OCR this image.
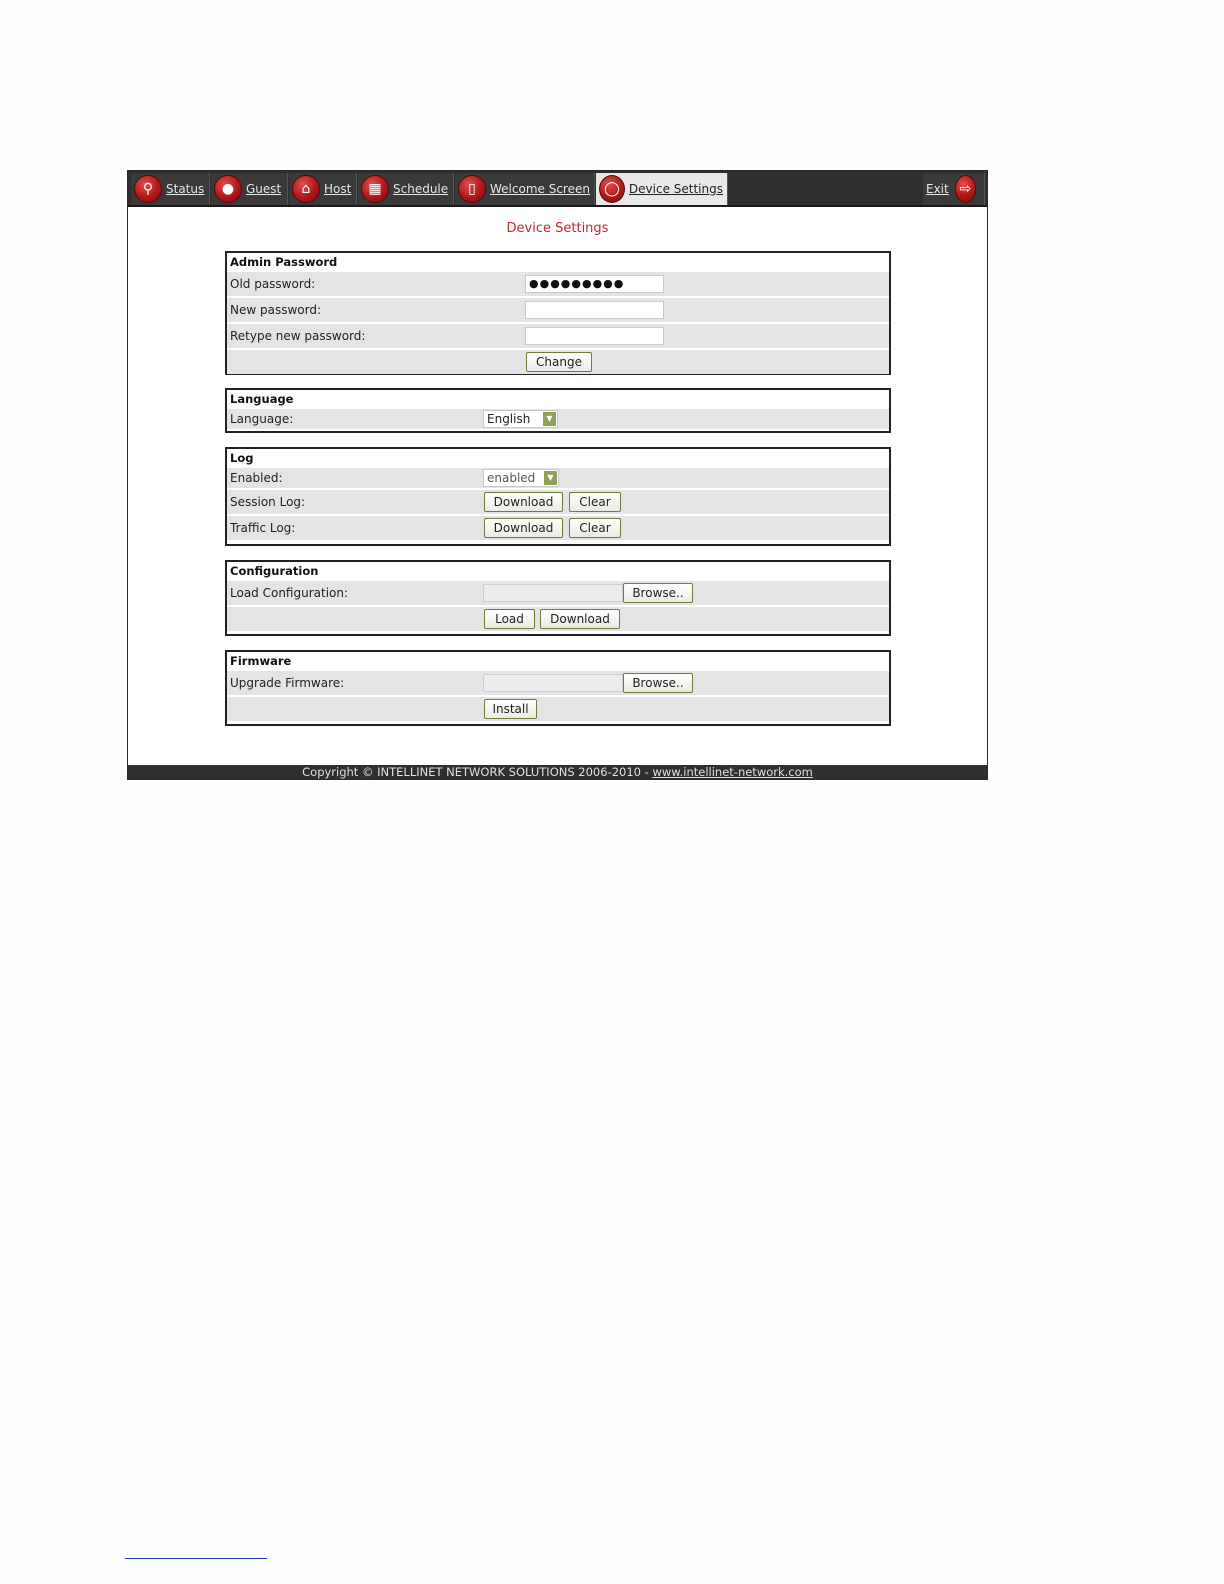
⚲	Status	● Guest	⌂	Host	▦ Schedule	▯	Welcome Screen	◯ Device Settings	Exit ⇨
Device Settings
Admin Password
Old password:	●●●●●●●●●
New password:
Retype new password:
Change
Language
Language:	English	▼
Log
Enabled:	enabled	▼
Session Log:	Download	Clear
Traffic Log:	Download	Clear
Configuration
Load Configuration:	Browse..
Load	Download
Firmware
Upgrade Firmware:	Browse..
Install
Copyright © INTELLINET NETWORK SOLUTIONS 2006-2010 - www.intellinet-network.com
